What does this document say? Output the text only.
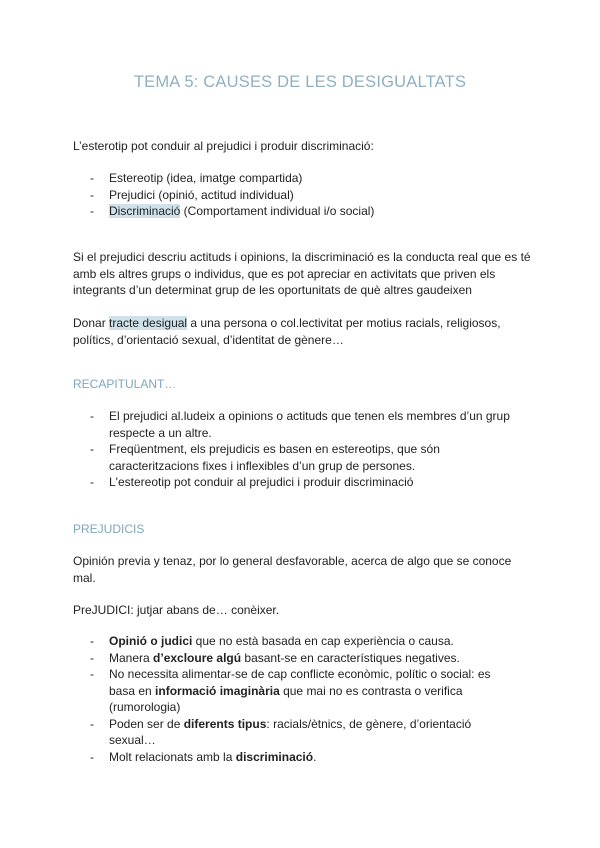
TEMA 5: CAUSES DE LES DESIGUALTATS
L’esterotip pot conduir al prejudici i produir discriminació:
- Estereotip (idea, imatge compartida)
- Prejudici (opinió, actitud individual)
- Discriminació (Comportament individual i/o social)
Si el prejudici descriu actituds i opinions, la discriminació es la conducta real que es té amb els altres grups o individus, que es pot apreciar en activitats que priven els integrants d’un determinat grup de les oportunitats de què altres gaudeixen
Donar tracte desigual a una persona o col.lectivitat per motius racials, religiosos, polítics, d’orientació sexual, d’identitat de gènere…
RECAPITULANT…
- El prejudici al.ludeix a opinions o actituds que tenen els membres d’un grup respecte a un altre.
- Freqüentment, els prejudicis es basen en estereotips, que són caracteritzacions fixes i inflexibles d’un grup de persones.
- L'estereotip pot conduir al prejudici i produir discriminació
PREJUDICIS
Opinión previa y tenaz, por lo general desfavorable, acerca de algo que se conoce mal.
PreJUDICI: jutjar abans de… conèixer.
- Opinió o judici que no està basada en cap experiència o causa.
- Manera d’excloure algú basant-se en característiques negatives.
- No necessita alimentar-se de cap conflicte econòmic, polític o social: es basa en informació imaginària que mai no es contrasta o verifica (rumorologia)
- Poden ser de diferents tipus: racials/ètnics, de gènere, d’orientació sexual…
- Molt relacionats amb la discriminació.
